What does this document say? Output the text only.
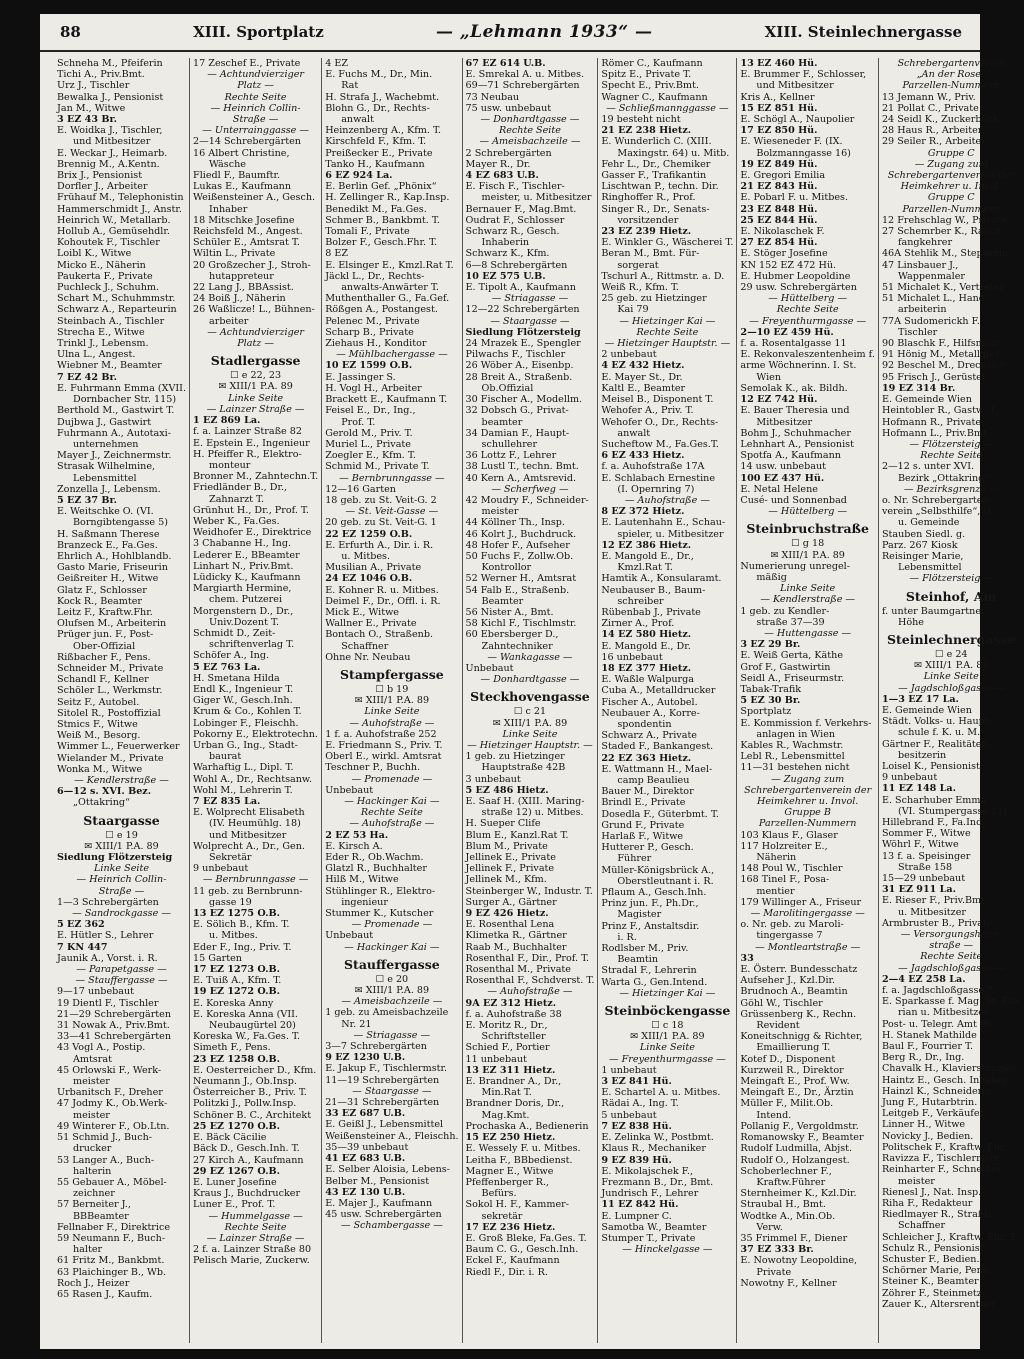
88	XIII. Sportplatz	— „Lehmann 1933“ —	XIII. Steinlechnergasse
Schneha M., Pfeiferin
Tichi A., Priv.Bmt.
Urz J., Tischler
Bewalka J., Pensionist
Jan M., Witwe
3 EZ 43 Br.
E. Woidka J., Tischler,
und Mitbesitzer
E. Weckar J., Heimarb.
Brennig M., A.Kentn.
Brix J., Pensionist
Dorfler J., Arbeiter
Frühauf M., Telephonistin
Hammerschmidt J., Anstr.
Heinrich W., Metallarb.
Hollub A., Gemüsehdlr.
Kohoutek F., Tischler
Loibl K., Witwe
Micko E., Näherin
Paukerta F., Private
Puchleck J., Schuhm.
Schart M., Schuhmmstr.
Schwarz A., Reparteurin
Steinbach A., Tischler
Strecha E., Witwe
Trinkl J., Lebensm.
Ulna L., Angest.
Wiebner M., Beamter
7 EZ 42 Br.
E. Fuhrmann Emma (XVII.
Dornbacher Str. 115)
Berthold M., Gastwirt T.
Dujbwa J., Gastwirt
Fuhrmann A., Autotaxi-
unternehmen
Mayer J., Zeichnermstr.
Strasak Wilhelmine,
Lebensmittel
Zonzella J., Lebensm.
5 EZ 37 Br.
E. Weitschke O. (VI.
Borngibtengasse 5)
H. Saßmann Therese
Branzeck E., Fa.Ges.
Ehrlich A., Hohlblandb.
Gasto Marie, Friseurin
Geißreiter H., Witwe
Glatz F., Schlosser
Kock R., Beamter
Leitz F., Kraftw.Fhr.
Olufsen M., Arbeiterin
Prüger jun. F., Post-
Ober-Offizial
Rißbacher F., Pens.
Schneider M., Private
Schandl F., Kellner
Schöler L., Werkmstr.
Seitz F., Autobel.
Sitolel R., Postoffizial
Stmics F., Witwe
Weiß M., Besorg.
Wimmer L., Feuerwerker
Wielander M., Private
Wonka M., Witwe
— Kendlerstraße —
6—12 s. XVI. Bez.
„Ottakring“
Staargasse
☐ e 19
✉ XIII/1 P.A. 89
Siedlung Flötzersteig
Linke Seite
— Heinrich Collin-
Straße —
1—3 Schrebergärten
— Sandrockgasse —
5 EZ 362
E. Hütler S., Lehrer
7 KN 447
Jaunik A., Vorst. i. R.
— Parapetgasse —
— Stauffergasse —
9—17 unbebaut
19 Dientl F., Tischler
21—29 Schrebergärten
31 Nowak A., Priv.Bmt.
33—41 Schrebergärten
43 Vogl A., Postip.
Amtsrat
45 Orlowski F., Werk-
meister
Urbanitsch F., Dreher
47 Jodmy K., Ob.Werk-
meister
49 Winterer F., Ob.Ltn.
51 Schmid J., Buch-
drucker
53 Langer A., Buch-
halterin
55 Gebauer A., Möbel-
zeichner
57 Berneiter J.,
BBBeamter
Fellnaber F., Direktrice
59 Neumann F., Buch-
halter
61 Fritz M., Bankbmt.
63 Plaichinger B., Wb.
Roch J., Heizer
65 Rasen J., Kaufm.
17 Zeschef E., Private
— Achtundvierziger
Platz —
Rechte Seite
— Heinrich Collin-
Straße —
— Unterrainggasse —
2—14 Schrebergärten
16 Albert Christine,
Wäsche
Fliedl F., Baumftr.
Lukas E., Kaufmann
Weißensteiner A., Gesch.
Inhaber
18 Mitschke Josefine
Reichsfeld M., Angest.
Schüler E., Amtsrat T.
Wiltin L., Private
20 Großzecher J., Stroh-
hutappreteur
22 Lang J., BBAssist.
24 Boiß J., Näherin
26 Waßlicze! L., Bühnen-
arbeiter
— Achtundvierziger
Platz —
Stadlergasse
☐ e 22, 23
✉ XIII/1 P.A. 89
Linke Seite
— Lainzer Straße —
1 EZ 869 La.
f. a. Lainzer Straße 82
E. Epstein E., Ingenieur
H. Pfeiffer R., Elektro-
monteur
Bronner M., Zahntechn.T.
Friedländer B., Dr.,
Zahnarzt T.
Grünhut H., Dr., Prof. T.
Weber K., Fa.Ges.
Weidhofer E., Direktrice
3 Chabanne H., Ing.
Lederer E., BBeamter
Linhart N., Priv.Bmt.
Lüdicky K., Kaufmann
Margiarth Hermine,
chem. Putzerei
Morgenstern D., Dr.,
Univ.Dozent T.
Schmidt D., Zeit-
schriftenverlag T.
Schöfer A., Ing.
5 EZ 763 La.
H. Smetana Hilda
Endl K., Ingenieur T.
Giger W., Gesch.Inh.
Krum & Co., Kohlen T.
Lobinger F., Fleischh.
Pokorny E., Elektrotechn.
Urban G., Ing., Stadt-
baurat
Warhaftig L., Dipl. T.
Wohl A., Dr., Rechtsanw.
Wohl M., Lehrerin T.
7 EZ 835 La.
E. Wolprecht Elisabeth
(IV. Heumühlg. 18)
und Mitbesitzer
Wolprecht A., Dr., Gen.
Sekretär
9 unbebaut
— Bernbrunngasse —
11 geb. zu Bernbrunn-
gasse 19
13 EZ 1275 O.B.
E. Sölich B., Kfm. T.
u. Mitbes.
Eder F., Ing., Priv. T.
15 Garten
17 EZ 1273 O.B.
E. Tuiß A., Kfm. T.
19 EZ 1272 O.B.
E. Koreska Anny
E. Koreska Anna (VII.
Neubaugürtel 20)
Koreska W., Fa.Ges. T.
Simeth F., Pens.
23 EZ 1258 O.B.
E. Oesterreicher D., Kfm.
Neumann J., Ob.Insp.
Österreicher B., Priv. T.
Politzki J., Pollw.Insp.
Schöner B. C., Architekt
25 EZ 1270 O.B.
E. Bäck Cäcilie
Bäck D., Gesch.Inh. T.
27 Kirch A., Kaufmann
29 EZ 1267 O.B.
E. Luner Josefine
Kraus J., Buchdrucker
Luner E., Prof. T.
— Hummelgasse —
Rechte Seite
— Lainzer Straße —
2 f. a. Lainzer Straße 80
Pelisch Marie, Zuckerw.
4 EZ
E. Fuchs M., Dr., Min.
Rat
H. Strafa J., Wachebmt.
Blohn G., Dr., Rechts-
anwalt
Heinzenberg A., Kfm. T.
Kirschfeld F., Kfm. T.
Preißecker E., Private
Tanko H., Kaufmann
6 EZ 924 La.
E. Berlin Gef. „Phönix“
H. Zellinger R., Kap.Insp.
Benedikt M., Fa.Ges.
Schmer B., Bankbmt. T.
Tomali F., Private
Bolzer F., Gesch.Fhr. T.
8 EZ
E. Elsinger E., Kmzl.Rat T.
Jäckl L., Dr., Rechts-
anwalts-Anwärter T.
Muthenthaller G., Fa.Gef.
Rößgen A., Postangest.
Pelenec M., Private
Scharp B., Private
Ziehaus H., Konditor
— Mühlbachergasse —
10 EZ 1599 O.B.
E. Jassinger S.
H. Vogl H., Arbeiter
Brackett E., Kaufmann T.
Feisel E., Dr., Ing.,
Prof. T.
Gerold M., Priv. T.
Muriel L., Private
Zoegler E., Kfm. T.
Schmid M., Private T.
— Bernbrunngasse —
12—16 Garten
18 geb. zu St. Veit-G. 2
— St. Veit-Gasse —
20 geb. zu St. Veit-G. 1
22 EZ 1259 O.B.
E. Erfurth A., Dir. i. R.
u. Mitbes.
Musilian A., Private
24 EZ 1046 O.B.
E. Kohner R. u. Mitbes.
Deimel F., Dr., Offl. i. R.
Mick E., Witwe
Wallner E., Private
Bontach O., Straßenb.
Schaffner
Ohne Nr. Neubau
Stampfergasse
☐ b 19
✉ XIII/1 P.A. 89
Linke Seite
— Auhofstraße —
1 f. a. Auhofstraße 252
E. Friedmann S., Priv. T.
Oberl E., wirkl. Amtsrat
Teschner P., Buchh.
— Promenade —
Unbebaut
— Hackinger Kai —
Rechte Seite
— Auhofstraße —
2 EZ 53 Ha.
E. Kirsch A.
Eder R., Ob.Wachm.
Glatzl R., Buchhalter
Hilß M., Witwe
Stühlinger R., Elektro-
ingenieur
Stummer K., Kutscher
— Promenade —
Unbebaut
— Hackinger Kai —
Stauffergasse
☐ e 20
✉ XIII/1 P.A. 89
— Ameisbachzeile —
1 geb. zu Ameisbachzeile
Nr. 21
— Striagasse —
3—7 Schrebergärten
9 EZ 1230 U.B.
E. Jakup F., Tischlermstr.
11—19 Schrebergärten
— Staargasse —
21—31 Schrebergärten
33 EZ 687 U.B.
E. Geißl J., Lebensmittel
Weißensteiner A., Fleischh.
35—39 unbebaut
41 EZ 683 U.B.
E. Selber Aloisia, Lebens-
Belber M., Pensionist
43 EZ 130 U.B.
E. Majer J., Kaufmann
45 usw. Schrebergärten
— Schambergasse —
67 EZ 614 U.B.
E. Smrekal A. u. Mitbes.
69—71 Schrebergärten
73 Neubau
75 usw. unbebaut
— Donhardtgasse —
Rechte Seite
— Ameisbachzeile —
2 Schrebergärten
Mayer R., Dr.
4 EZ 683 U.B.
E. Fisch F., Tischler-
meister, u. Mitbesitzer
Bernauer F., Mag.Bmt.
Oudrat F., Schlosser
Schwarz R., Gesch.
Inhaberin
Schwarz K., Kfm.
6—8 Schrebergärten
10 EZ 575 U.B.
E. Tipolt A., Kaufmann
— Striagasse —
12—22 Schrebergärten
— Staargasse —
Siedlung Flötzersteig
24 Mrazek E., Spengler
Pilwachs F., Tischler
26 Wöber A., Eisenbp.
28 Breit A., Straßenb.
Ob.Offizial
30 Fischer A., Modellm.
32 Dobsch G., Privat-
beamter
34 Damian F., Haupt-
schullehrer
36 Lottz F., Lehrer
38 Lustl T., techn. Bmt.
40 Kern A., Amtsrevid.
— Scherfweg —
42 Moudry F., Schneider-
meister
44 Köllner Th., Insp.
46 Kolrt J., Buchdruck.
48 Hofer F., Aufseher
50 Fuchs F., Zollw.Ob.
Kontrollor
52 Werner H., Amtsrat
54 Falb E., Straßenb.
Beamter
56 Nister A., Bmt.
58 Kichl F., Tischlmstr.
60 Ebersberger D.,
Zahntechniker
— Wankagasse —
Unbebaut
— Donhardtgasse —
Steckhovengasse
☐ c 21
✉ XIII/1 P.A. 89
Linke Seite
— Hietzinger Hauptstr. —
1 geb. zu Hietzinger
Hauptstraße 42B
3 unbebaut
5 EZ 486 Hietz.
E. Saaf H. (XIII. Maring-
straße 12) u. Mitbes.
H. Sueper Clife
Blum E., Kanzl.Rat T.
Blum M., Private
Jellinek E., Private
Jellinek F., Private
Jellinek M., Kfm.
Steinberger W., Industr. T.
Surger A., Gärtner
9 EZ 426 Hietz.
E. Rosenthal Lena
Klimetka R., Gärtner
Raab M., Buchhalter
Rosenthal F., Dir., Prof. T.
Rosenthal M., Private
Rosenthal F., Schdverst. T.
— Auhofstraße —
9A EZ 312 Hietz.
f. a. Auhofstraße 38
E. Moritz R., Dr.,
Schriftsteller
Schied F., Portier
11 unbebaut
13 EZ 311 Hietz.
E. Brandner A., Dr.,
Min.Rat T.
Brandner Doris, Dr.,
Mag.Kmt.
Prochaska A., Bedienerin
15 EZ 250 Hietz.
E. Wessely F. u. Mitbes.
Leitha F., BBbedienst.
Magner E., Witwe
Pfeffenberger R.,
Befürs.
Sokol H. F., Kammer-
sekretär
17 EZ 236 Hietz.
E. Groß Bleke, Fa.Ges. T.
Baum C. G., Gesch.Inh.
Eckel F., Kaufmann
Riedl F., Dir. i. R.
Römer C., Kaufmann
Spitz E., Private T.
Specht E., Priv.Bmt.
Wagner C., Kaufmann
— Schließmannggasse —
19 besteht nicht
21 EZ 238 Hietz.
E. Wunderlich C. (XIII.
Maxingstr. 64) u. Mitb.
Fehr L., Dr., Chemiker
Gasser F., Trafikantin
Lischtwan P., techn. Dir.
Ringhoffer R., Prof.
Singer R., Dr., Senats-
vorsitzender
23 EZ 239 Hietz.
E. Winkler G., Wäscherei T.
Beran M., Bmt. Für-
sorgerat
Tschurl A., Rittmstr. a. D.
Weiß R., Kfm. T.
25 geb. zu Hietzinger
Kai 79
— Hietzinger Kai —
Rechte Seite
— Hietzinger Hauptstr. —
2 unbebaut
4 EZ 432 Hietz.
E. Mayer St., Dr.
Kaltl E., Beamter
Meisel B., Disponent T.
Wehofer A., Priv. T.
Wehofer O., Dr., Rechts-
anwalt
Sucheftow M., Fa.Ges.T.
6 EZ 433 Hietz.
f. a. Auhofstraße 17A
E. Schlabach Ernestine
(I. Opernring 7)
— Auhofstraße —
8 EZ 372 Hietz.
E. Lautenhahn E., Schau-
spieler, u. Mitbesitzer
12 EZ 386 Hietz.
E. Mangold E., Dr.,
Kmzl.Rat T.
Hamtik A., Konsularamt.
Neubauser B., Baum-
schreiber
Rübenbab J., Private
Zirner A., Prof.
14 EZ 580 Hietz.
E. Mangold E., Dr.
16 unbebaut
18 EZ 377 Hietz.
E. Waßle Walpurga
Cuba A., Metalldrucker
Fischer A., Autobel.
Neubauer A., Korre-
spondentin
Schwarz A., Private
Staded F., Bankangest.
22 EZ 363 Hietz.
E. Wattmann H., Mael-
camp Beaulieu
Bauer M., Direktor
Brindl E., Private
Dosedla F., Güterbmt. T.
Grund F., Private
Harlaß F., Witwe
Hutterer P., Gesch.
Führer
Müller-Königsbrück A.,
Oberstleutnant i. R.
Pflaum A., Gesch.Inh.
Prinz jun. F., Ph.Dr.,
Magister
Prinz F., Anstaltsdir.
i. R.
Rodlsber M., Priv.
Beamtin
Stradal F., Lehrerin
Warta G., Gen.Intend.
— Hietzinger Kai —
Steinböckengasse
☐ c 18
✉ XIII/1 P.A. 89
Linke Seite
— Freyenthurmgasse —
1 unbebaut
3 EZ 841 Hü.
E. Schartel A. u. Mitbes.
Rädai A., Ing. T.
5 unbebaut
7 EZ 838 Hü.
E. Zelinka W., Postbmt.
Klaus R., Mechaniker
9 EZ 839 Hü.
E. Mikolajschek F.,
Frezmann B., Dr., Bmt.
Jundrisch F., Lehrer
11 EZ 842 Hü.
E. Lumpner C.
Samotba W., Beamter
Stumper T., Private
— Hinckelgasse —
13 EZ 460 Hü.
E. Brummer F., Schlosser,
und Mitbesitzer
Kris A., Kellner
15 EZ 851 Hü.
E. Schögl A., Naupolier
17 EZ 850 Hü.
E. Wieseneder F. (IX.
Bolzmanngasse 16)
19 EZ 849 Hü.
E. Gregori Emilia
21 EZ 843 Hü.
E. Pobarl F. u. Mitbes.
23 EZ 848 Hü.
25 EZ 844 Hü.
E. Nikolaschek F.
27 EZ 854 Hü.
E. Stöger Josefine
KN 152 EZ 472 Hü.
E. Hubmer Leopoldine
29 usw. Schrebergärten
— Hüttelberg —
Rechte Seite
— Freyenthurmgasse —
2—10 EZ 459 Hü.
f. a. Rosentalgasse 11
E. Rekonvaleszentenheim f.
arme Wöchnerinn. I. St.
Wien
Semolak K., ak. Bildh.
12 EZ 742 Hü.
E. Bauer Theresia und
Mitbesitzer
Bohm J., Schuhmacher
Lehnhart A., Pensionist
Spotfa A., Kaufmann
14 usw. unbebaut
100 EZ 437 Hü.
E. Netal Helene
Cusé- und Sonnenbad
— Hüttelberg —
Steinbruchstraße
☐ g 18
✉ XIII/1 P.A. 89
Numerierung unregel-
mäßig
Linke Seite
— Kendlerstraße —
1 geb. zu Kendler-
straße 37—39
— Huttengasse —
3 EZ 29 Br.
E. Weiß Gerta, Käthe
Grof F., Gastwirtin
Seidl A., Friseurmstr.
Tabak-Trafik
5 EZ 30 Br.
Sportplatz
E. Kommission f. Verkehrs-
anlagen in Wien
Kables R., Wachmstr.
Lebl R., Lebensmittel
11—31 bestehen nicht
— Zugang zum
Schrebergartenverein der
Heimkehrer u. Invol.
Gruppe B
Parzellen-Nummern
103 Klaus F., Glaser
117 Holzreiter E.,
Näherin
148 Poul W., Tischler
168 Tinel F., Posa-
mentier
179 Willinger A., Friseur
— Marolitingergasse —
o. Nr. geb. zu Maroli-
tingergasse 7
— Montleartstraße —
33
E. Österr. Bundesschatz
Aufseher J., Kzl.Dir.
Brudnoch A., Beamtin
Göhl W., Tischler
Grüssenberg K., Rechn.
Revident
Koneitschnigg & Richter,
Emaillierung T.
Kotef D., Disponent
Kurzweil R., Direktor
Meingaft E., Prof. Ww.
Meingaft E., Dr., Ärztin
Müller F., Milit.Ob.
Intend.
Pollanig F., Vergoldmstr.
Romanowsky F., Beamter
Rudolf Ludmilla, Abjst.
Rudolf O., Holzangest.
Schoberlechner F.,
Kraftw.Führer
Sternheimer K., Kzl.Dir.
Straubal H., Bmt.
Wodtke A., Min.Ob.
Verw.
35 Frimmel F., Diener
37 EZ 333 Br.
E. Nowotny Leopoldine,
Private
Nowotny F., Kellner
Schrebergartenverein
„An der Rose“
Parzellen-Nummern
13 Jemann W., Priv.
21 Pollat C., Private
24 Seidl K., Zuckerbäck.
28 Haus R., Arbeiter
29 Seiler R., Arbeiter
Gruppe C
— Zugang zum
Schrebergartenverein der
Heimkehrer u. Inval.
Gruppe C
Parzellen-Nummern
12 Frehschlag W., Private
27 Schemrber K., Rauch-
fangkehrer
46A Stehlik M., Stepperin
47 Linsbauer J.,
Wappenmaler
51 Michalet K., Vertreter
51 Michalet L., Hand-
arbeiterin
77A Sudomerickh F.
Tischler
90 Blaschk F., Hilfsmont.
91 Hönig M., Metallgieß
92 Beschel M., Drechsler
95 Frisch J., Gerüster
19 EZ 314 Br.
E. Gemeinde Wien
Heintobler R., Gastw. T.
Hofmann R., Private
Hofmann L., Priv.Bmt.
— Flötzersteig —
Rechte Seite
2—12 s. unter XVI.
Bezirk „Ottakring“
— Bezirksgrenze —
o. Nr. Schrebergarten-
verein „Selbsthilfe“, (s.
u. Gemeinde
Stauben Siedl. g.
Parz. 267 Kiosk
Reisinger Marie,
Lebensmittel
— Flötzersteig —
Steinhof, Am
f. unter Baumgartner
Höhe
Steinlechnergasse
☐ e 24
✉ XIII/1 P.A. 89
Linke Seite
— Jagdschloßgasse —
1—3 EZ 17 La.
E. Gemeinde Wien
Städt. Volks- u. Haupt-
schule f. K. u. M.
Gärtner F., Realitäten-
besitzerin
Loisel K., Pensionist
9 unbebaut
11 EZ 148 La.
E. Scharhuber Emma
(VI. Stumpergasse 11)
Hillebrand F., Fa.Ind.
Sommer F., Witwe
Wöhrl F., Witwe
13 f. a. Speisinger
Straße 158
15—29 unbebaut
31 EZ 911 La.
E. Rieser F., Priv.Bmt.
u. Mitbesitzer
Armbruster B., Private
— Versorgungsheim-
straße —
Rechte Seite
— Jagdschloßgasse —
2—4 EZ 258 La.
f. a. Jagdschloßgasse 7
E. Sparkasse f. Mag. St. Flo-
rian u. Mitbesitzer
Post- u. Telegr. Amt 96
H. Stanek Mathilde
Baul F., Fourrier T.
Berg R., Dr., Ing.
Chavalk H., Klavierstimmer
Haintz E., Gesch. Inhaber
Hainzl K., Schneiderin
Jung F., Hutarbtrin.
Leitgeb F., Verkäufer
Linner H., Witwe
Novicky J., Bedien.
Politschek F., Kraftw. Fhr.
Ravizza F., Tischlermstr.
Reinharter F., Schneider-
meister
Rienesl J., Nat. Insp.
Riha F., Redakteur
Riedlmayer R., Straßb.
Schaffner
Schleicher J., Kraftw. Fhr. T.
Schulz R., Pensionist
Schuster F., Bedien.
Schörner Marie, Pens.
Steiner K., Beamter
Zöhrer F., Steinmetz
Zauer K., Altersrentner
